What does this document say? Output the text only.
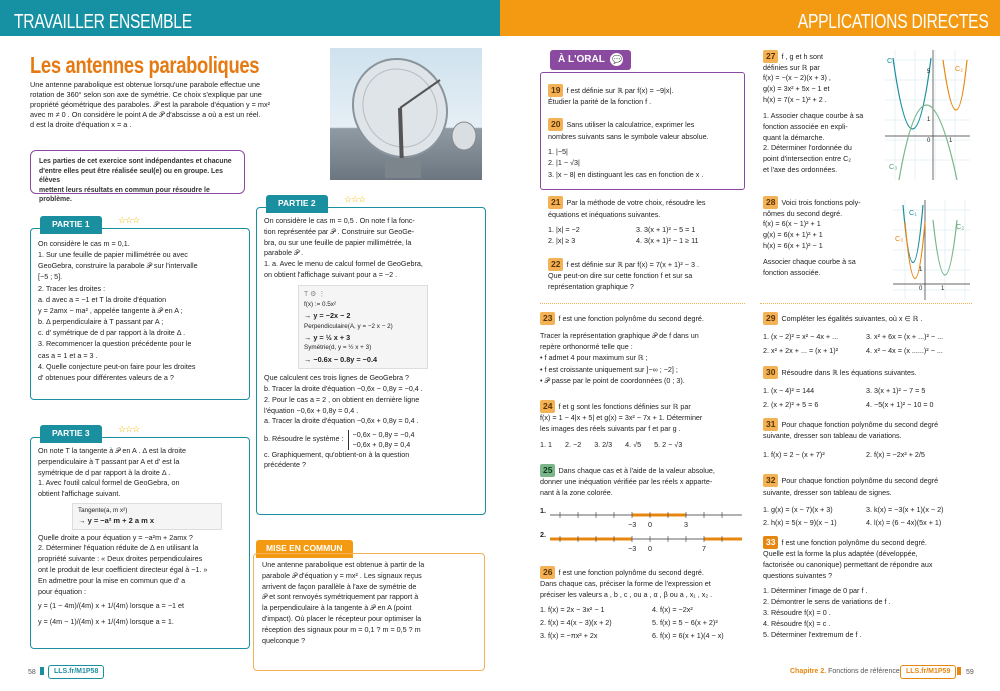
TRAVAILLER ENSEMBLE	APPLICATIONS DIRECTES
Les antennes paraboliques
Une antenne parabolique est obtenue lorsqu'une parabole effectue une
rotation de 360° selon son axe de symétrie. Ce choix s'explique par une
propriété géométrique des paraboles. 𝒫 est la parabole d'équation y = mx²
avec m ≠ 0 . On considère le point A de 𝒫 d'abscisse a où a est un réel.
d est la droite d'équation x = a .
Les parties de cet exercice sont indépendantes et chacune
d'entre elles peut être réalisée seul(e) ou en groupe. Les élèves
mettent leurs résultats en commun pour résoudre le problème.
PARTIE 1	☆☆☆
On considère le cas m = 0,1.
1. Sur une feuille de papier millimétrée ou avec
GeoGebra, construire la parabole 𝒫 sur l'intervalle
[−5 ; 5].
2. Tracer les droites :
a. d avec a = −1 et T la droite d'équation
y = 2amx − ma² , appelée tangente à 𝒫 en A ;
b. Δ perpendiculaire à T passant par A ;
c. d′ symétrique de d par rapport à la droite Δ .
3. Recommencer la question précédente pour le
cas a = 1 et a = 3 .
4. Quelle conjecture peut-on faire pour les droites
d′ obtenues pour différentes valeurs de a ?
PARTIE 3	☆☆☆
On note T la tangente à 𝒫 en A . Δ est la droite
perpendiculaire à T passant par A et d′ est la
symétrique de d par rapport à la droite Δ .
1. Avec l'outil calcul formel de GeoGebra, on
obtient l'affichage suivant.
Tangente(a, m x²)
→ y = −a² m + 2 a m x
Quelle droite a pour équation y = −a²m + 2amx ?
2. Déterminer l'équation réduite de Δ en utilisant la
propriété suivante : « Deux droites perpendiculaires
ont le produit de leur coefficient directeur égal à −1. »
En admettre pour la mise en commun que d′ a
pour équation :
y = (1 − 4m)/(4m) x + 1/(4m) lorsque a = −1 et
y = (4m − 1)/(4m) x + 1/(4m) lorsque a = 1.
PARTIE 2	☆☆☆
On considère le cas m = 0,5 . On note f la fonc-
tion représentée par 𝒫 . Construire sur GeoGe-
bra, ou sur une feuille de papier millimétrée, la
parabole 𝒫 .
1. a. Avec le menu de calcul formel de GeoGebra,
on obtient l'affichage suivant pour a = −2 .
T ⚙ ⋮
f(x) := 0.5x²
→ y = −2x − 2
Perpendiculaire(A, y = −2 x − 2)
→ y = ½ x + 3
Symétrie(d, y = ½ x + 3)
→ −0.6x − 0.8y = −0.4
Que calculent ces trois lignes de GeoGebra ?
b. Tracer la droite d'équation −0,6x − 0,8y = −0,4 .
2. Pour le cas a = 2 , on obtient en dernière ligne
l'équation −0,6x + 0,8y = 0,4 .
a. Tracer la droite d'équation −0,6x + 0,8y = 0,4 .
b. Résoudre le système : −0,6x − 0,8y = −0,4
−0,6x + 0,8y = 0,4
c. Graphiquement, qu'obtient-on à la question
précédente ?
MISE EN COMMUN
Une antenne parabolique est obtenue à partir de la
parabole 𝒫 d'équation y = mx² . Les signaux reçus
arrivent de façon parallèle à l'axe de symétrie de
𝒫 et sont renvoyés symétriquement par rapport à
la perpendiculaire à la tangente à 𝒫 en A (point
d'impact). Où placer le récepteur pour optimiser la
réception des signaux pour m = 0,1 ? m = 0,5 ? m
quelconque ?
À L'ORAL 💬
19 f est définie sur ℝ par f(x) = −9|x|.
Étudier la parité de la fonction f .
20 Sans utiliser la calculatrice, exprimer les
nombres suivants sans le symbole valeur absolue.
1. |−5|
2. |1 − √3|
3. |x − 8| en distinguant les cas en fonction de x .
21 Par la méthode de votre choix, résoudre les
équations et inéquations suivantes.
1. |x| = −2	3. 3(x + 1)² − 5 = 1
2. |x| ≥ 3	4. 3(x + 1)² − 1 ≥ 11
22 f est définie sur ℝ par f(x) = 7(x + 1)² − 3 .
Que peut-on dire sur cette fonction f et sur sa
représentation graphique ?
23 f est une fonction polynôme du second degré.
Tracer la représentation graphique 𝒫 de f dans un
repère orthonormé telle que :
• f admet 4 pour maximum sur ℝ ;
• f est croissante uniquement sur ]−∞ ; −2] ;
• 𝒫 passe par le point de coordonnées (0 ; 3).
24 f et g sont les fonctions définies sur ℝ par
f(x) = 1 − 4|x + 5| et g(x) = 3x² − 7x + 1. Déterminer
les images des réels suivants par f et par g .
1. 1 2. −2 3. 2/3 4. √5 5. 2 − √3
25 Dans chaque cas et à l'aide de la valeur absolue,
donner une inéquation vérifiée par les réels x apparte-
nant à la zone colorée.
1.
−3 0	3
2.
−3 0	7
26 f est une fonction polynôme du second degré.
Dans chaque cas, préciser la forme de l'expression et
préciser les valeurs a , b , c , ou a , α , β ou a , x₁ , x₂ .
1. f(x) = 2x − 3x² − 1	4. f(x) = −2x²
2. f(x) = 4(x − 3)(x + 2)	5. f(x) = 5 − 6(x + 2)²
3. f(x) = −πx² + 2x	6. f(x) = 6(x + 1)(4 − x)
27 f , g et h sont
définies sur ℝ par
f(x) = −(x − 2)(x + 3) ,
g(x) = 3x² + 5x − 1 et
h(x) = 7(x − 1)² + 2 .
1. Associer chaque courbe à sa
fonction associée en expli-
quant la démarche.
2. Déterminer l'ordonnée du
point d'intersection entre C₂
et l'axe des ordonnées.
C₁
C₂
C₃
5
1
0	1
28 Voici trois fonctions poly-
nômes du second degré.
f(x) = 6(x − 1)² + 1
g(x) = 6(x + 1)² + 1
h(x) = 6(x + 1)² − 1
Associer chaque courbe à sa
fonction associée.
C₁
C₃
C₂
1
0	1
29 Compléter les égalités suivantes, où x ∈ ℝ .
1. (x − 2)² = x² − 4x + ...	3. x² + 6x = (x + ...)² − ...
2. x² + 2x + ... = (x + 1)²	4. x² − 4x = (x ......)² − ...
30 Résoudre dans ℝ les équations suivantes.
1. (x − 4)² = 144	3. 3(x + 1)² − 7 = 5
2. (x + 2)² + 5 = 6	4. −5(x + 1)² − 10 = 0
31 Pour chaque fonction polynôme du second degré
suivante, dresser son tableau de variations.
1. f(x) = 2 − (x + 7)²	2. f(x) = −2x² + 2/5
32 Pour chaque fonction polynôme du second degré
suivante, dresser son tableau de signes.
1. g(x) = (x − 7)(x + 3)	3. k(x) = −3(x + 1)(x − 2)
2. h(x) = 5(x − 9)(x − 1)	4. l(x) = (6 − 4x)(5x + 1)
33 f est une fonction polynôme du second degré.
Quelle est la forme la plus adaptée (développée,
factorisée ou canonique) permettant de répondre aux
questions suivantes ?
1. Déterminer l'image de 0 par f .
2. Démontrer le sens de variations de f .
3. Résoudre f(x) = 0 .
4. Résoudre f(x) = c .
5. Déterminer l'extremum de f .
58	LLS.fr/M1P58	Chapitre 2. Fonctions de référence LLS.fr/M1P59	59
